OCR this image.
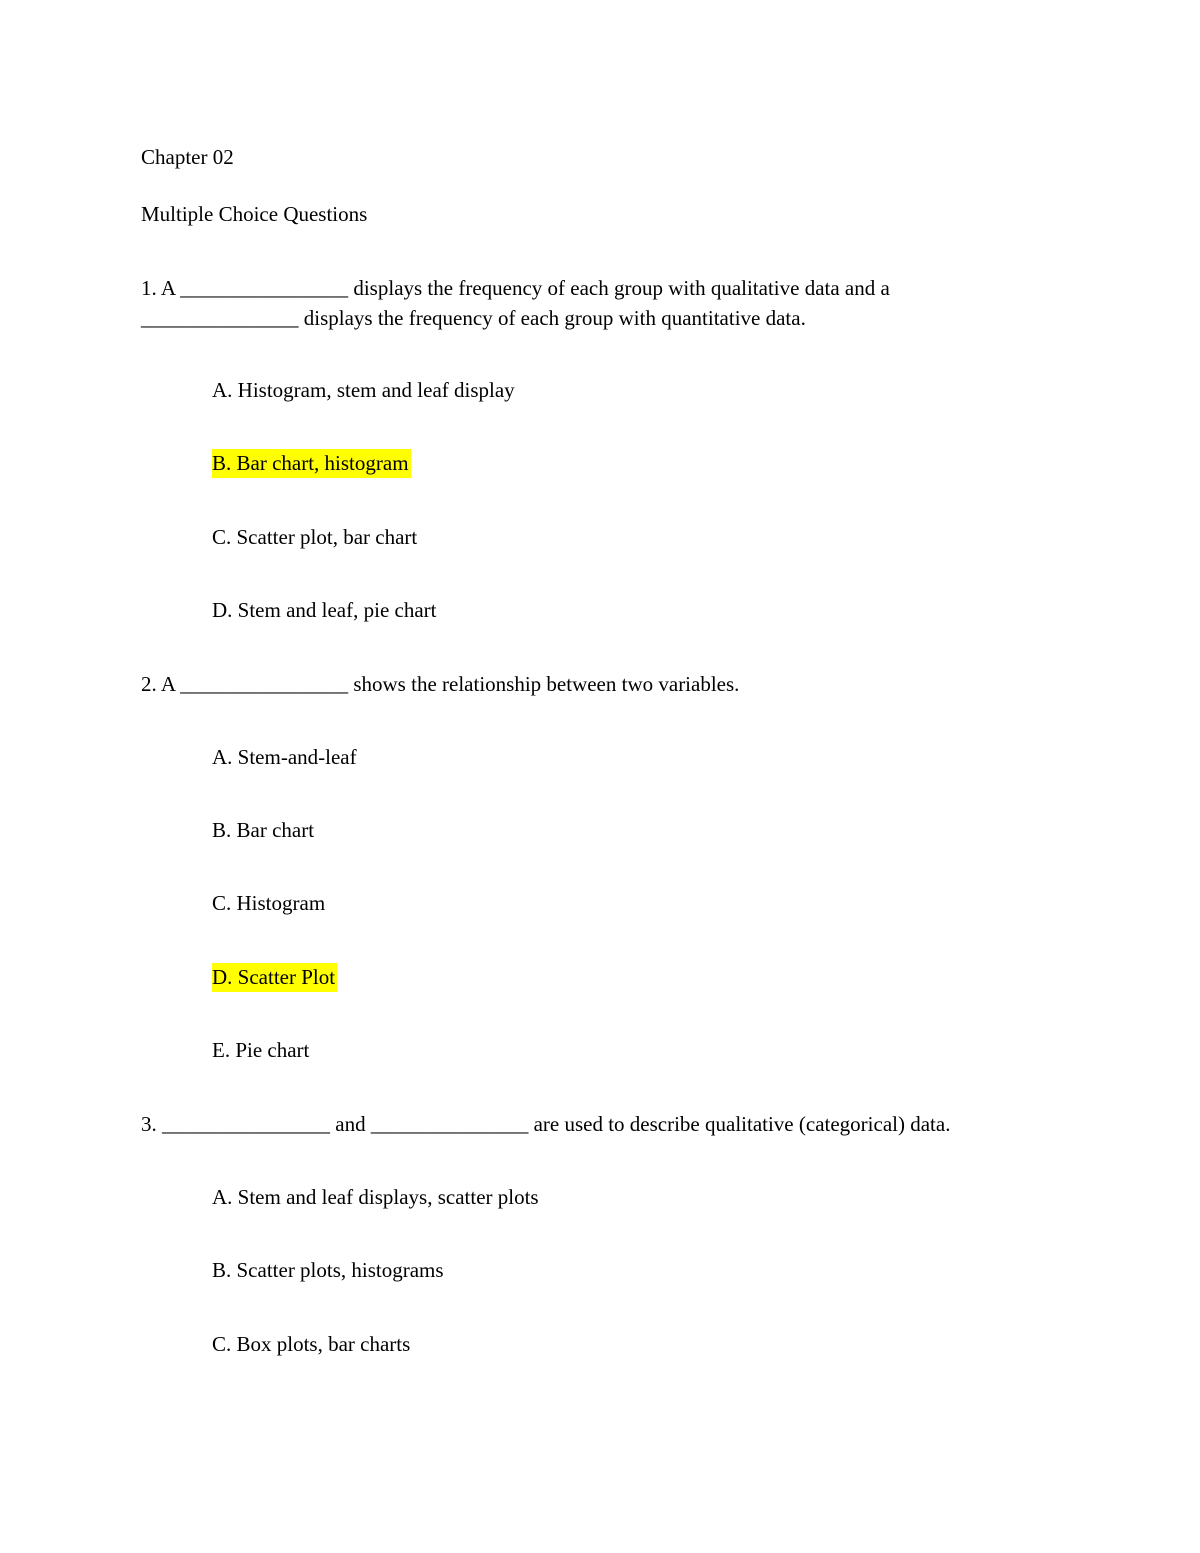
Chapter 02
Multiple Choice Questions
1. A ________________ displays the frequency of each group with qualitative data and a
_______________ displays the frequency of each group with quantitative data.
A. Histogram, stem and leaf display
B. Bar chart, histogram
C. Scatter plot, bar chart
D. Stem and leaf, pie chart
2. A ________________ shows the relationship between two variables.
A. Stem-and-leaf
B. Bar chart
C. Histogram
D. Scatter Plot
E. Pie chart
3. ________________ and _______________ are used to describe qualitative (categorical) data.
A. Stem and leaf displays, scatter plots
B. Scatter plots, histograms
C. Box plots, bar charts
